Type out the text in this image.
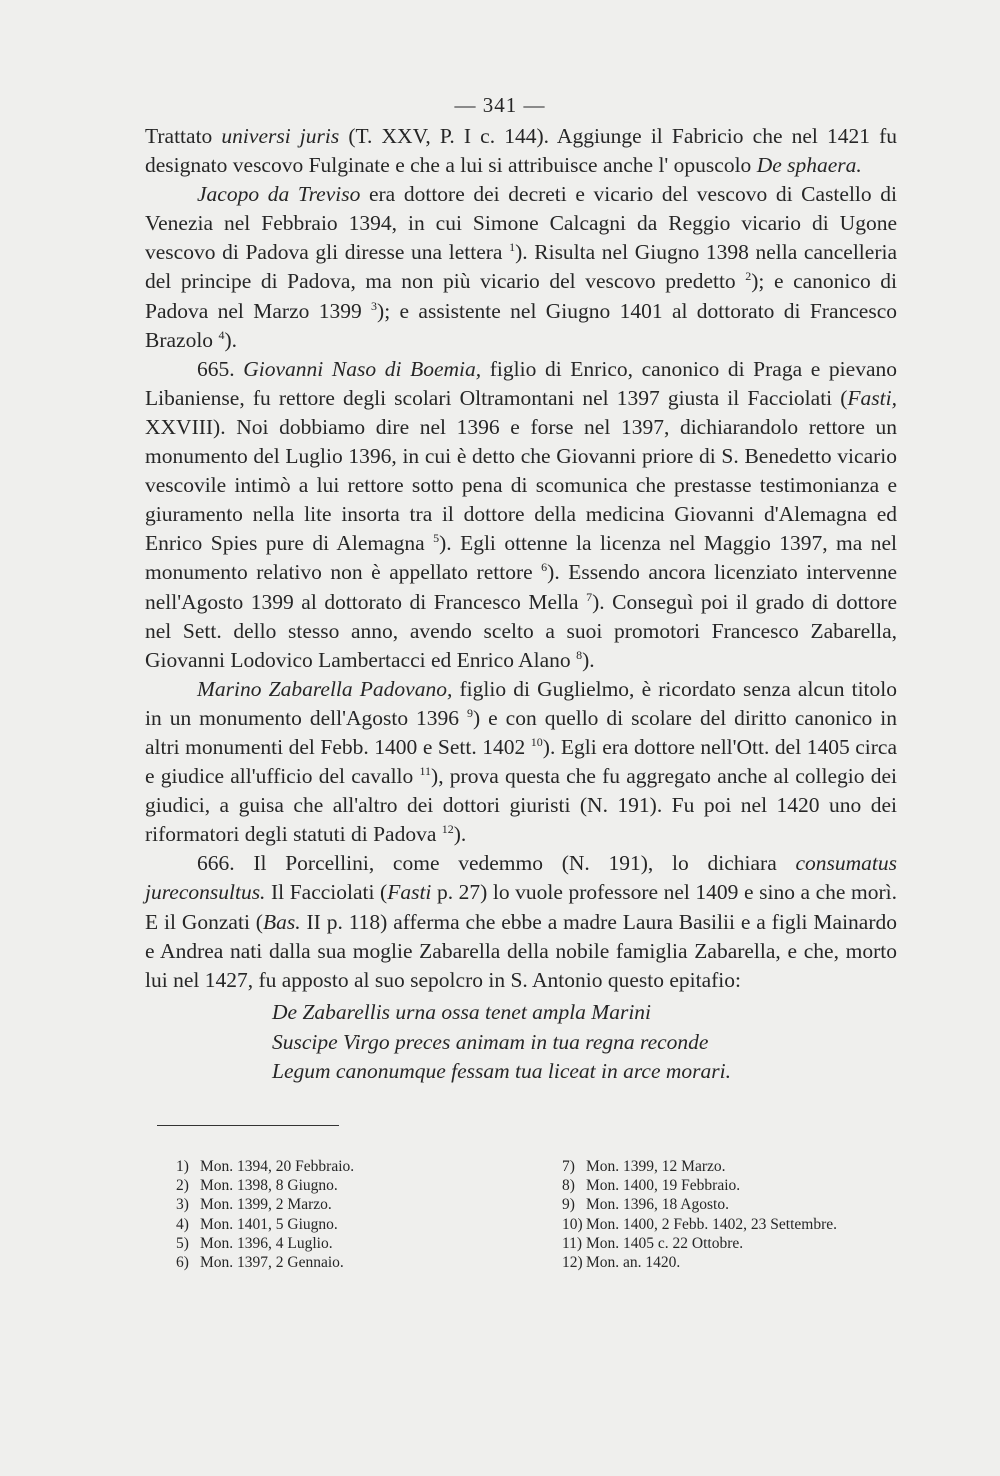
— 341 —

Trattato universi juris (T. XXV, P. I c. 144). Aggiunge il Fabricio che nel 1421 fu designato vescovo Fulginate e che a lui si attribuisce anche l' opuscolo De sphaera.

Jacopo da Treviso era dottore dei decreti e vicario del vescovo di Castello di Venezia nel Febbraio 1394, in cui Simone Calcagni da Reggio vicario di Ugone vescovo di Padova gli diresse una lettera $^1$). Risulta nel Giugno 1398 nella cancelleria del principe di Padova, ma non più vicario del vescovo predetto $^2$); e canonico di Padova nel Marzo 1399 $^3$); e assistente nel Giugno 1401 al dottorato di Francesco Brazolo $^4$).

665. Giovanni Naso di Boemia, figlio di Enrico, canonico di Praga e pievano Libaniense, fu rettore degli scolari Oltramontani nel 1397 giusta il Facciolati (Fasti, XXVIII). Noi dobbiamo dire nel 1396 e forse nel 1397, dichiarandolo rettore un monumento del Luglio 1396, in cui è detto che Giovanni priore di S. Benedetto vicario vescovile intimò a lui rettore sotto pena di scomunica che prestasse testimonianza e giuramento nella lite insorta tra il dottore della medicina Giovanni d'Alemagna ed Enrico Spies pure di Alemagna $^5$). Egli ottenne la licenza nel Maggio 1397, ma nel monumento relativo non è appellato rettore $^6$). Essendo ancora licenziato intervenne nell'Agosto 1399 al dottorato di Francesco Mella $^7$). Conseguì poi il grado di dottore nel Sett. dello stesso anno, avendo scelto a suoi promotori Francesco Zabarella, Giovanni Lodovico Lambertacci ed Enrico Alano $^8$).

Marino Zabarella Padovano, figlio di Guglielmo, è ricordato senza alcun titolo in un monumento dell'Agosto 1396 $^9$) e con quello di scolare del diritto canonico in altri monumenti del Febb. 1400 e Sett. 1402 $^{10}$). Egli era dottore nell'Ott. del 1405 circa e giudice all'ufficio del cavallo $^{11}$), prova questa che fu aggregato anche al collegio dei giudici, a guisa che all'altro dei dottori giuristi (N. 191). Fu poi nel 1420 uno dei riformatori degli statuti di Padova $^{12}$).

666. Il Porcellini, come vedemmo (N. 191), lo dichiara consumatus jureconsultus. Il Facciolati (Fasti p. 27) lo vuole professore nel 1409 e sino a che morì. E il Gonzati (Bas. II p. 118) afferma che ebbe a madre Laura Basilii e a figli Mainardo e Andrea nati dalla sua moglie Zabarella della nobile famiglia Zabarella, e che, morto lui nel 1427, fu apposto al suo sepolcro in S. Antonio questo epitafio:

De Zabarellis urna ossa tenet ampla Marini
Suscipe Virgo preces animam in tua regna reconde
Legum canonumque fessam tua liceat in arce morari.
1) Mon. 1394, 20 Febbraio.
2) Mon. 1398, 8 Giugno.
3) Mon. 1399, 2 Marzo.
4) Mon. 1401, 5 Giugno.
5) Mon. 1396, 4 Luglio.
6) Mon. 1397, 2 Gennaio.
7) Mon. 1399, 12 Marzo.
8) Mon. 1400, 19 Febbraio.
9) Mon. 1396, 18 Agosto.
10) Mon. 1400, 2 Febb. 1402, 23 Settembre.
11) Mon. 1405 c. 22 Ottobre.
12) Mon. an. 1420.
